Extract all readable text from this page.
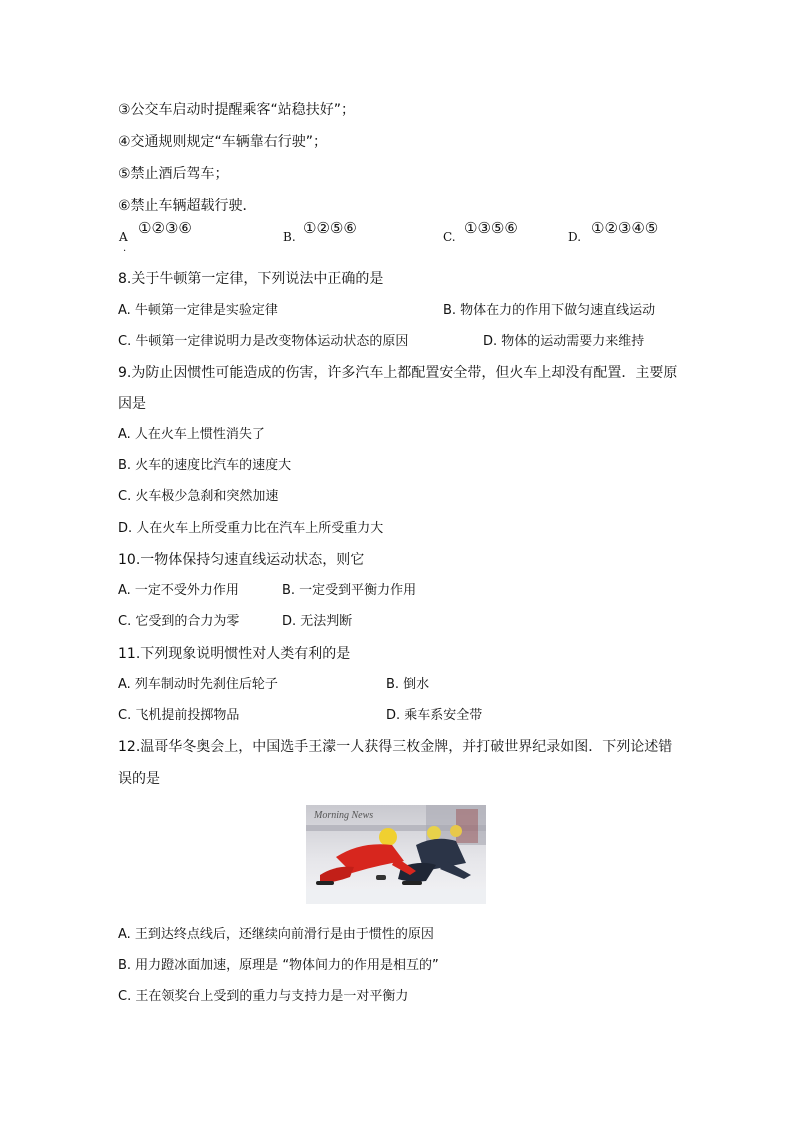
③公交车启动时提醒乘客“站稳扶好”；
④交通规则规定“车辆靠右行驶”；
⑤禁止酒后驾车；
⑥禁止车辆超载行驶．
A
.
①②③⑥	B. ①②⑤⑥	C. ①③⑤⑥	D. ①②③④⑤
8.关于牛顿第一定律，下列说法中正确的是
A. 牛顿第一定律是实验定律	B. 物体在力的作用下做匀速直线运动
C. 牛顿第一定律说明力是改变物体运动状态的原因	D. 物体的运动需要力来维持
9.为防止因惯性可能造成的伤害，许多汽车上都配置安全带，但火车上却没有配置．主要原
因是
A. 人在火车上惯性消失了
B. 火车的速度比汽车的速度大
C. 火车极少急刹和突然加速
D. 人在火车上所受重力比在汽车上所受重力大
10.一物体保持匀速直线运动状态，则它
A. 一定不受外力作用	B. 一定受到平衡力作用
C. 它受到的合力为零	D. 无法判断
11.下列现象说明惯性对人类有利的是
A. 列车制动时先刹住后轮子	B. 倒水
C. 飞机提前投掷物品	D. 乘车系安全带
12.温哥华冬奥会上，中国选手王濛一人获得三枚金牌，并打破世界纪录如图．下列论述错
误的是
Morning News
A. 王到达终点线后，还继续向前滑行是由于惯性的原因
B. 用力蹬冰面加速，原理是 “物体间力的作用是相互的”
C. 王在领奖台上受到的重力与支持力是一对平衡力
